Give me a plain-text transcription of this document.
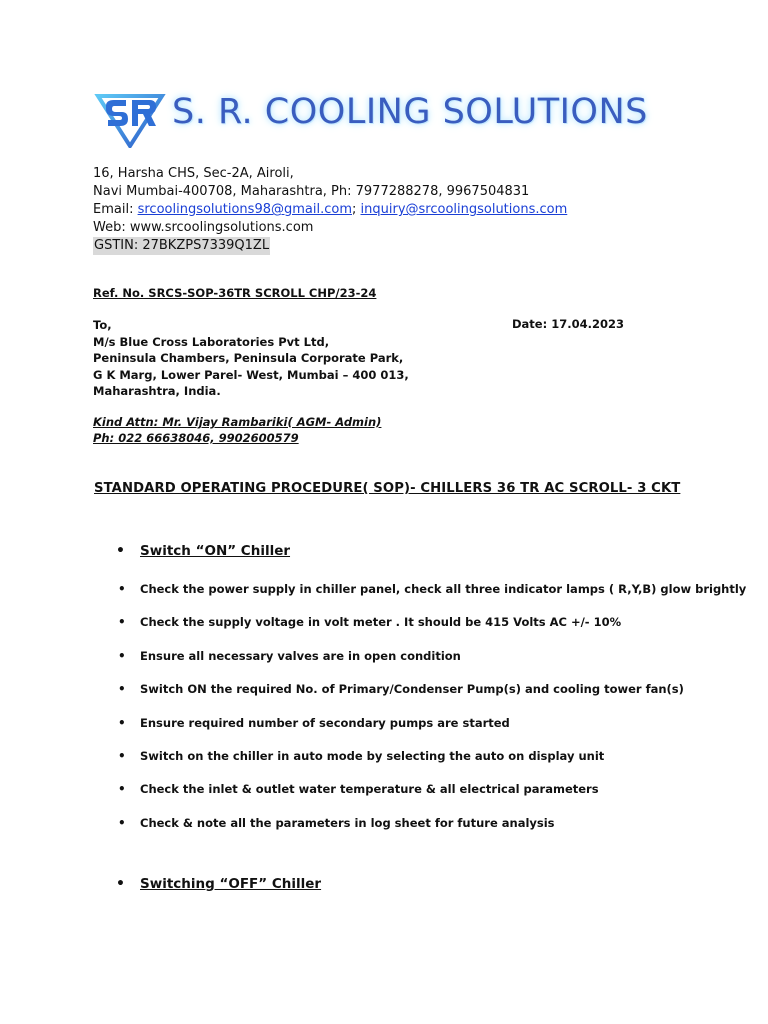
S. R. COOLING SOLUTIONS
16, Harsha CHS, Sec-2A, Airoli,
Navi Mumbai-400708, Maharashtra, Ph: 7977288278, 9967504831
Email: srcoolingsolutions98@gmail.com; inquiry@srcoolingsolutions.com
Web: www.srcoolingsolutions.com
GSTIN: 27BKZPS7339Q1ZL
Ref. No. SRCS-SOP-36TR SCROLL CHP/23-24
To,
M/s Blue Cross Laboratories Pvt Ltd,
Peninsula Chambers, Peninsula Corporate Park,
G K Marg, Lower Parel- West, Mumbai – 400 013,
Maharashtra, India.
Date: 17.04.2023
Kind Attn: Mr. Vijay Rambariki( AGM- Admin)
Ph: 022 66638046, 9902600579
STANDARD OPERATING PROCEDURE( SOP)- CHILLERS 36 TR AC SCROLL- 3 CKT
• Switch “ON” Chiller
• Check the power supply in chiller panel, check all three indicator lamps ( R,Y,B) glow brightly
• Check the supply voltage in volt meter . It should be 415 Volts AC +/- 10%
• Ensure all necessary valves are in open condition
• Switch ON the required No. of Primary/Condenser Pump(s) and cooling tower fan(s)
• Ensure required number of secondary pumps are started
• Switch on the chiller in auto mode by selecting the auto on display unit
• Check the inlet & outlet water temperature & all electrical parameters
• Check & note all the parameters in log sheet for future analysis
• Switching “OFF” Chiller
